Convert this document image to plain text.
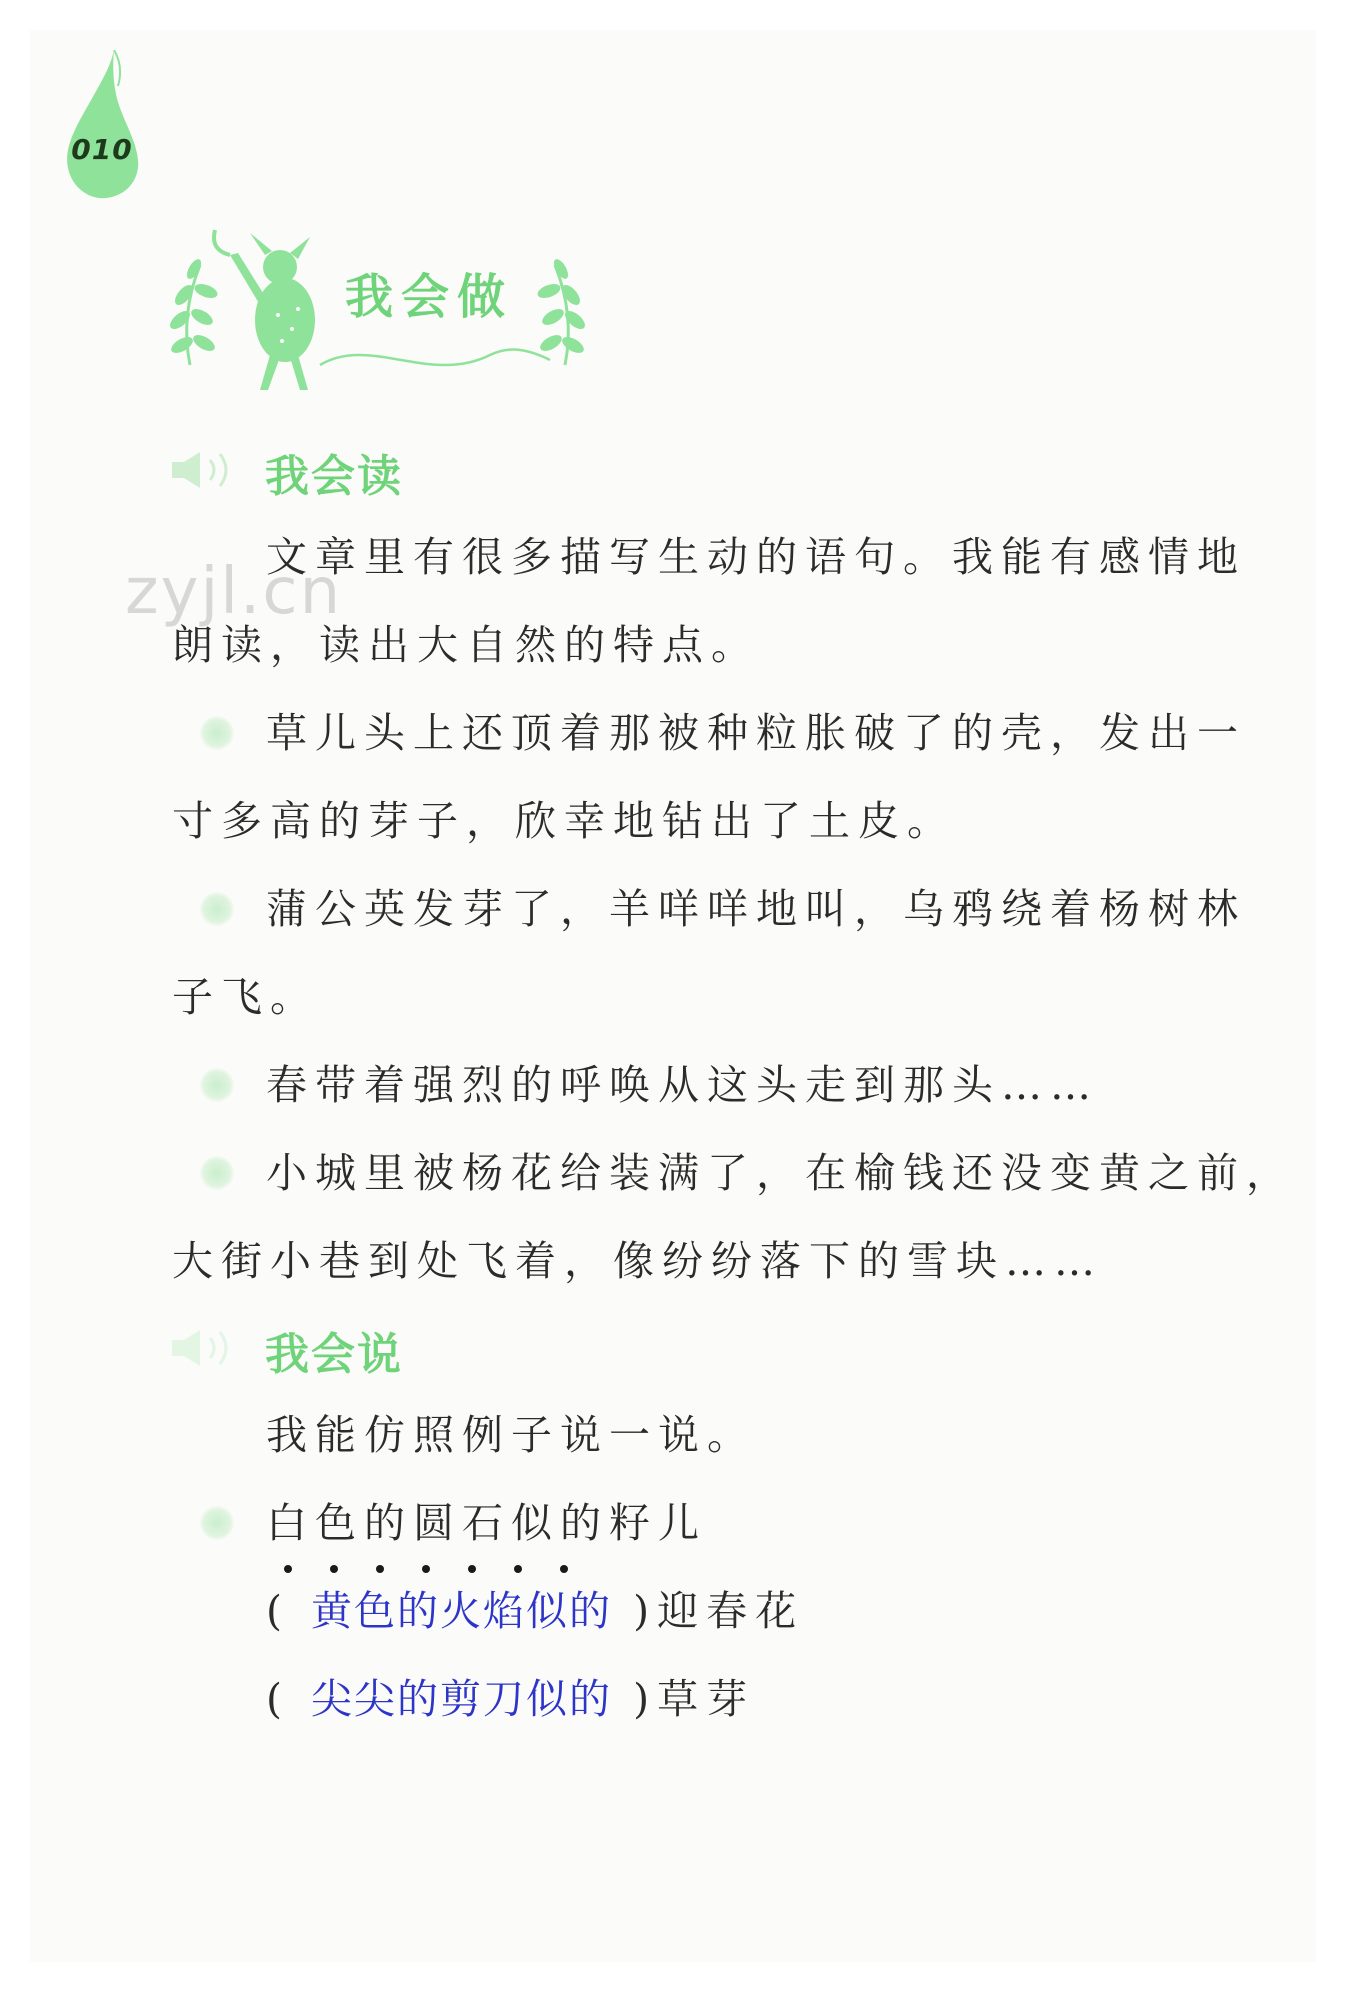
010
我会做
我会读
文章里有很多描写生动的语句。我能有感情地
朗读，读出大自然的特点。
草儿头上还顶着那被种粒胀破了的壳，发出一
寸多高的芽子，欣幸地钻出了土皮。
蒲公英发芽了，羊咩咩地叫，乌鸦绕着杨树林
子飞。
春带着强烈的呼唤从这头走到那头……
小城里被杨花给装满了，在榆钱还没变黄之前，
大街小巷到处飞着，像纷纷落下的雪块……
我会说
我能仿照例子说一说。
白色的圆石似的籽儿
( 黄色的火焰似的 )迎春花
( 尖尖的剪刀似的 )草芽
zyjl.cn
